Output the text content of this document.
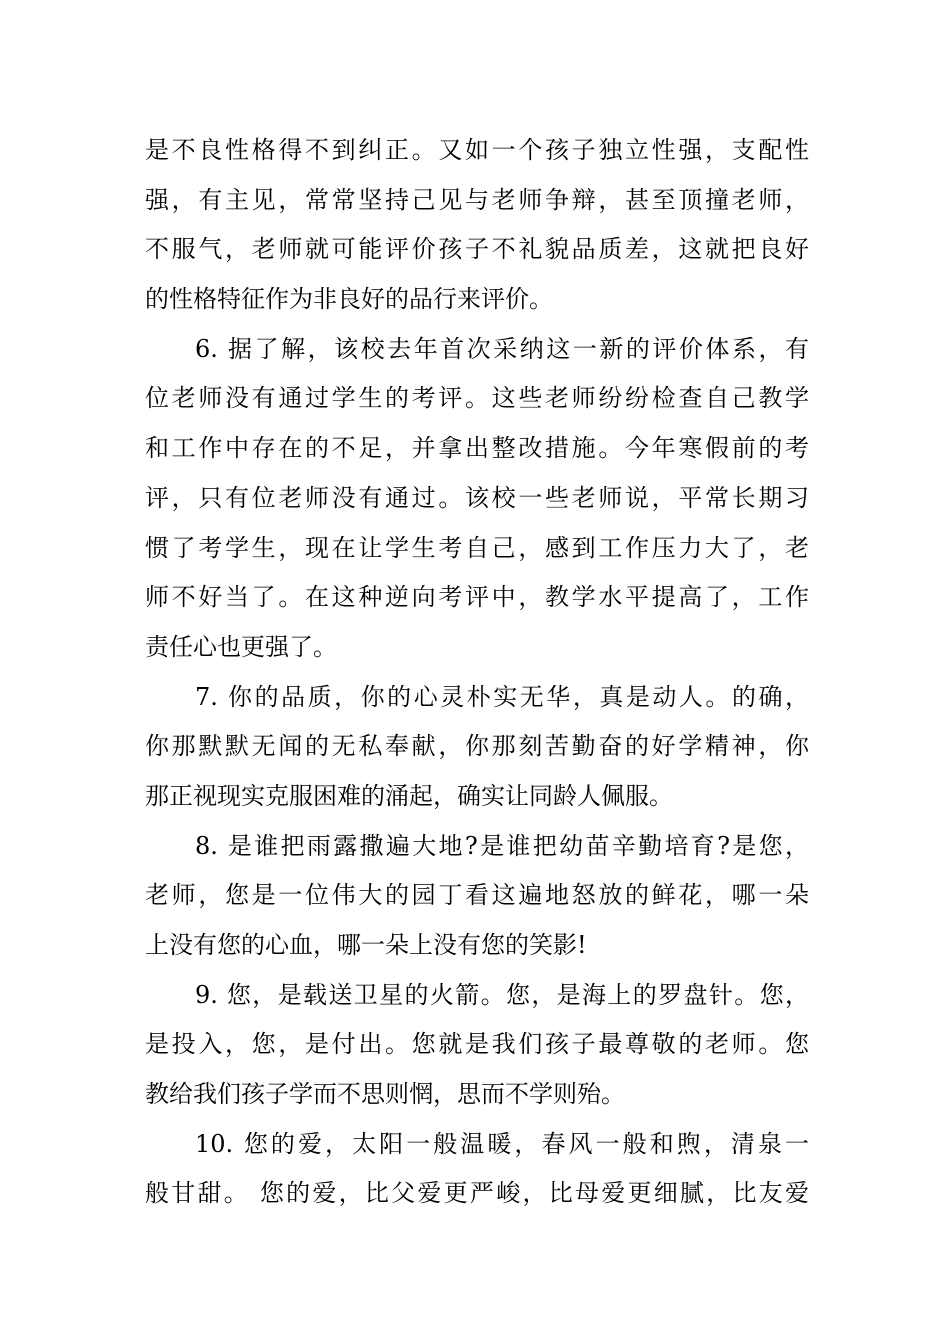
是不良性格得不到纠正。又如一个孩子独立性强，支配性
强，有主见，常常坚持己见与老师争辩，甚至顶撞老师，
不服气，老师就可能评价孩子不礼貌品质差，这就把良好
的性格特征作为非良好的品行来评价。
6. 据了解，该校去年首次采纳这一新的评价体系，有
位老师没有通过学生的考评。这些老师纷纷检查自己教学
和工作中存在的不足，并拿出整改措施。今年寒假前的考
评，只有位老师没有通过。该校一些老师说，平常长期习
惯了考学生，现在让学生考自己，感到工作压力大了，老
师不好当了。在这种逆向考评中，教学水平提高了，工作
责任心也更强了。
7. 你的品质，你的心灵朴实无华，真是动人。的确，
你那默默无闻的无私奉献，你那刻苦勤奋的好学精神，你
那正视现实克服困难的涌起，确实让同龄人佩服。
8. 是谁把雨露撒遍大地?是谁把幼苗辛勤培育?是您，
老师，您是一位伟大的园丁看这遍地怒放的鲜花，哪一朵
上没有您的心血，哪一朵上没有您的笑影!
9. 您，是载送卫星的火箭。您，是海上的罗盘针。您，
是投入，您，是付出。您就是我们孩子最尊敬的老师。您
教给我们孩子学而不思则惘，思而不学则殆。
10. 您的爱，太阳一般温暖，春风一般和煦，清泉一
般甘甜。 您的爱，比父爱更严峻，比母爱更细腻，比友爱
